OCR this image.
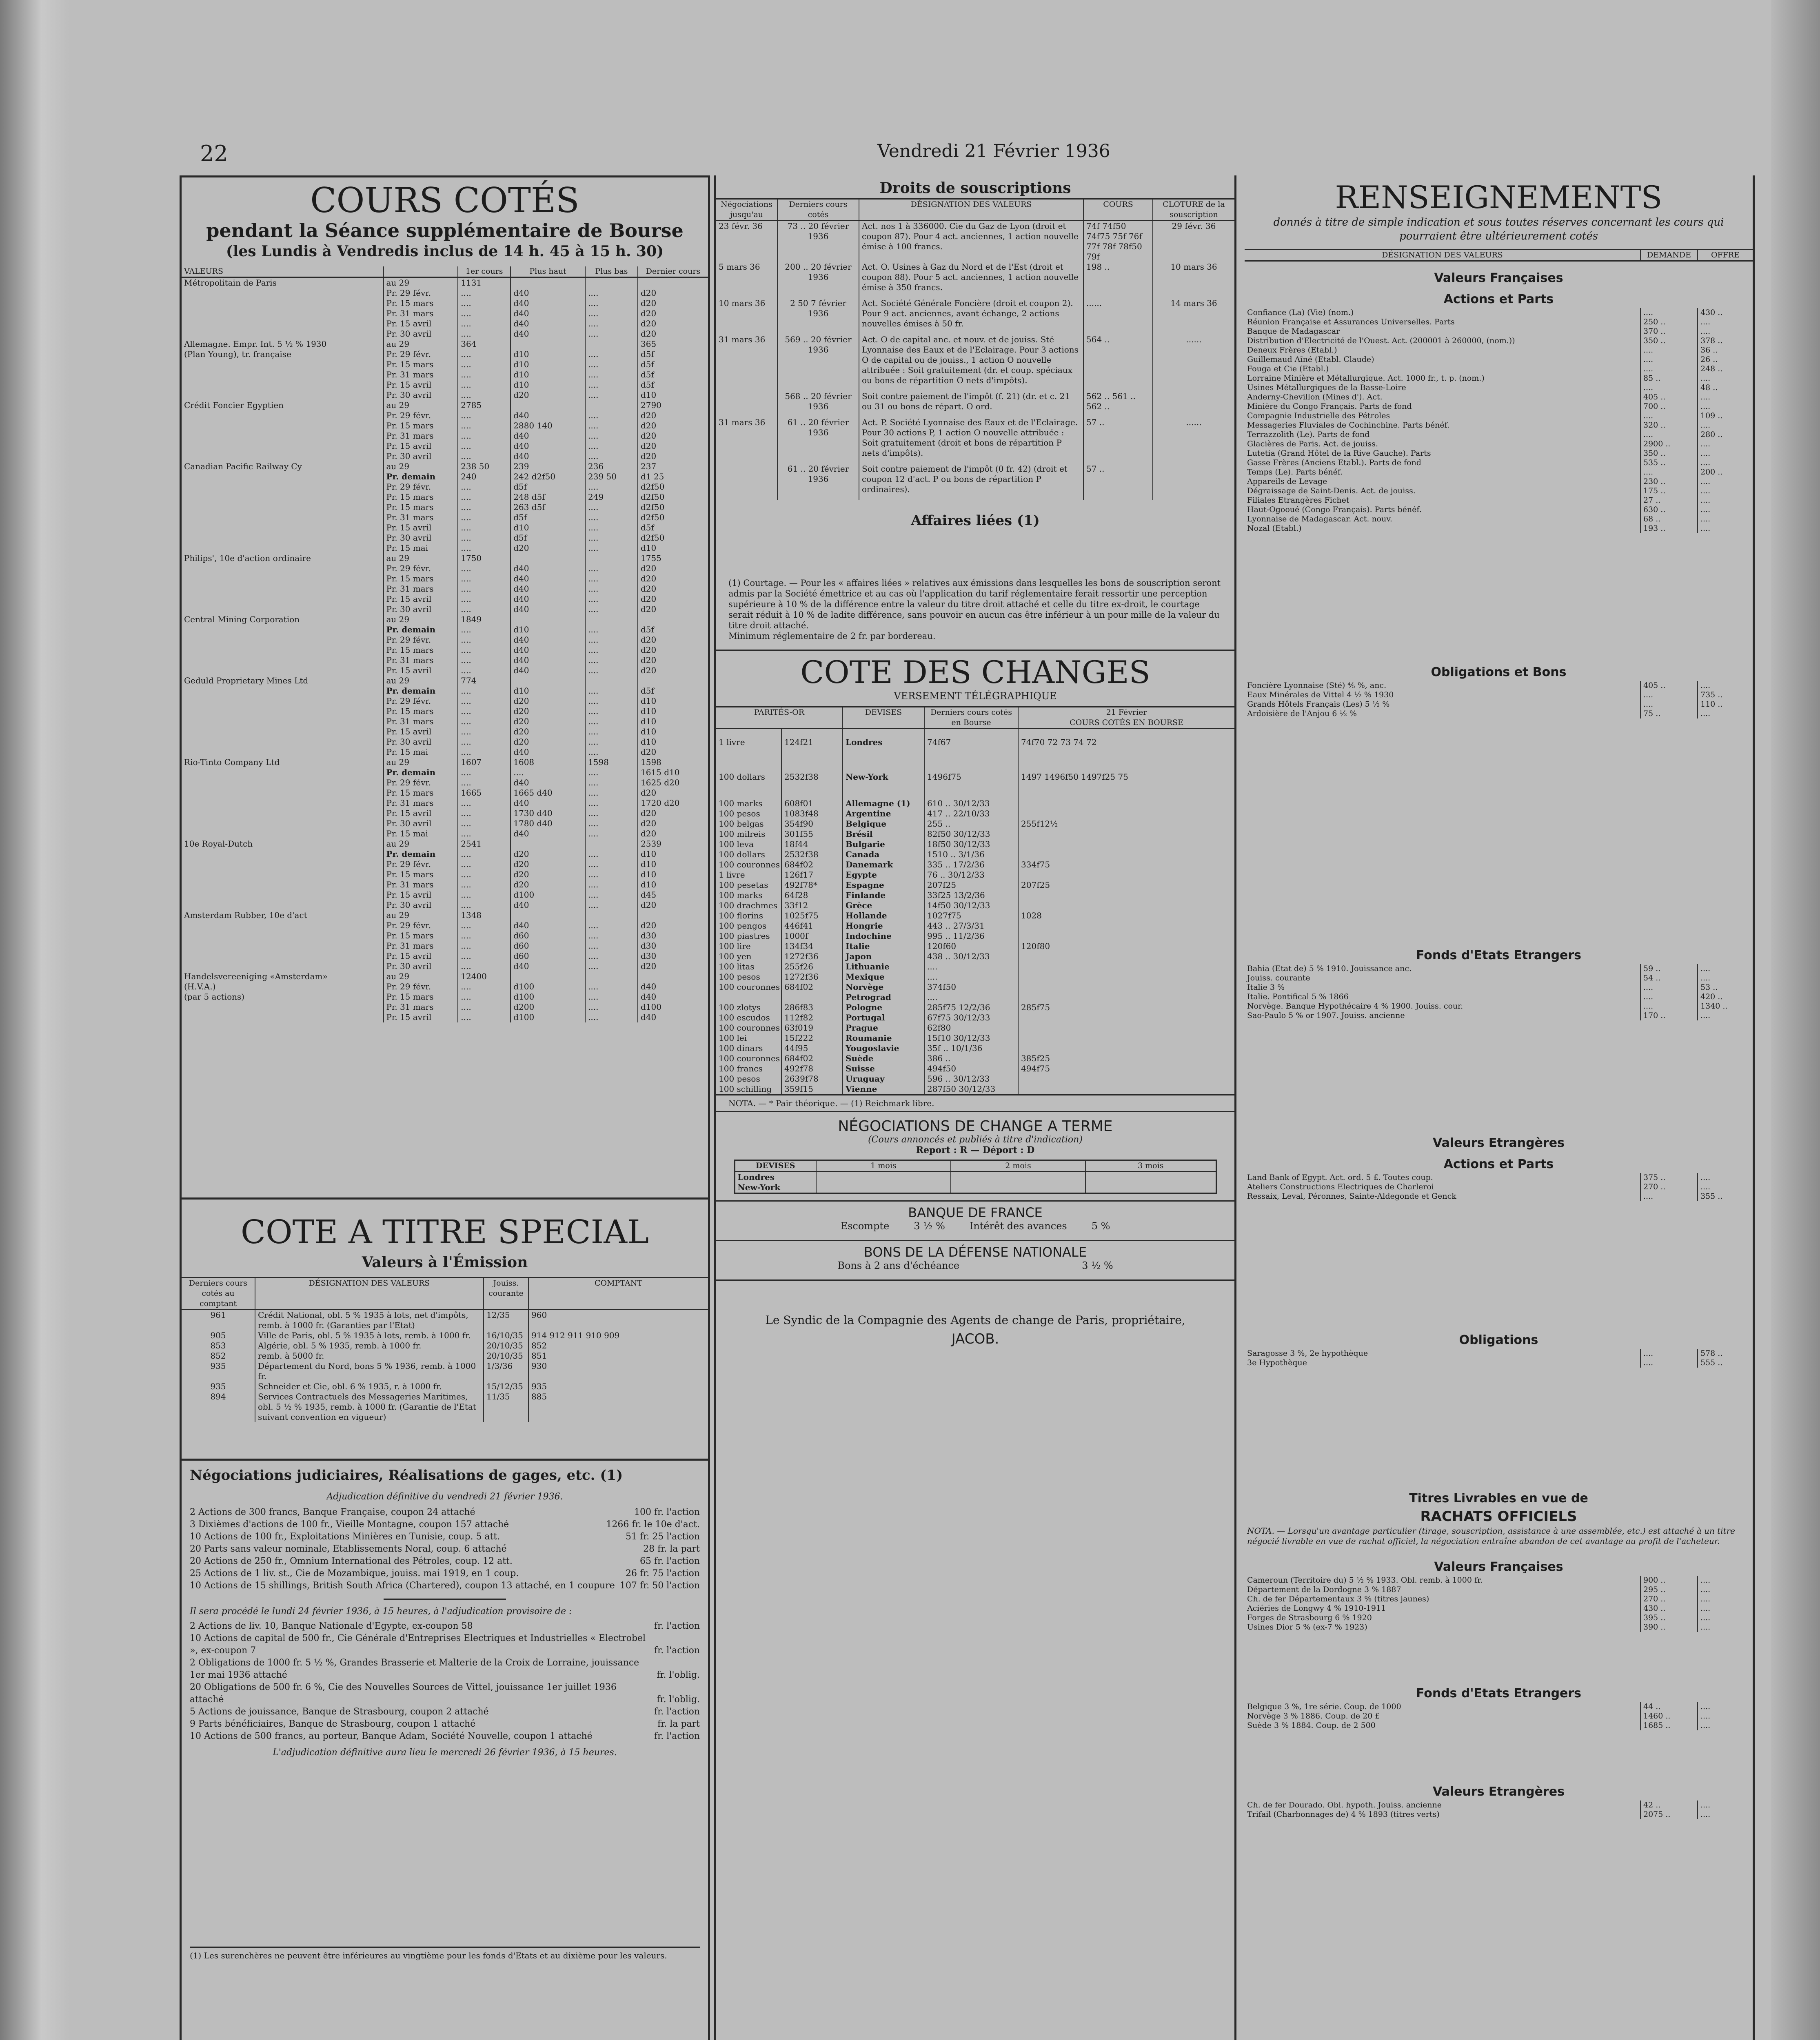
22	Vendredi 21 Février 1936
COURS COTÉS
pendant la Séance supplémentaire de Bourse
(les Lundis à Vendredis inclus de 14 h. 45 à 15 h. 30)
VALEURS		1er cours	Plus haut	Plus bas	Dernier cours
Métropolitain de Paris	au 29	1131			
	Pr. 29 févr.	....	d40	....	d20
	Pr. 15 mars	....	d40	....	d20
	Pr. 31 mars	....	d40	....	d20
	Pr. 15 avril	....	d40	....	d20
	Pr. 30 avril	....	d40	....	d20
Allemagne. Empr. Int. 5 ½ % 1930	au 29	364			365
(Plan Young), tr. française	Pr. 29 févr.	....	d10	....	d5f
	Pr. 15 mars	....	d10	....	d5f
	Pr. 31 mars	....	d10	....	d5f
	Pr. 15 avril	....	d10	....	d5f
	Pr. 30 avril	....	d20	....	d10
Crédit Foncier Egyptien	au 29	2785			2790
	Pr. 29 févr.	....	d40	....	d20
	Pr. 15 mars	....	2880 140	....	d20
	Pr. 31 mars	....	d40	....	d20
	Pr. 15 avril	....	d40	....	d20
	Pr. 30 avril	....	d40	....	d20
Canadian Pacific Railway Cy	au 29	238 50	239	236	237
	Pr. demain	240	242 d2f50	239 50	d1 25
	Pr. 29 févr.	....	d5f	....	d2f50
	Pr. 15 mars	....	248 d5f	249	d2f50
	Pr. 15 mars	....	263 d5f	....	d2f50
	Pr. 31 mars	....	d5f	....	d2f50
	Pr. 15 avril	....	d10	....	d5f
	Pr. 30 avril	....	d5f	....	d2f50
	Pr. 15 mai	....	d20	....	d10
Philips', 10e d'action ordinaire	au 29	1750			1755
	Pr. 29 févr.	....	d40	....	d20
	Pr. 15 mars	....	d40	....	d20
	Pr. 31 mars	....	d40	....	d20
	Pr. 15 avril	....	d40	....	d20
	Pr. 30 avril	....	d40	....	d20
Central Mining Corporation	au 29	1849			
	Pr. demain	....	d10	....	d5f
	Pr. 29 févr.	....	d40	....	d20
	Pr. 15 mars	....	d40	....	d20
	Pr. 31 mars	....	d40	....	d20
	Pr. 15 avril	....	d40	....	d20
Geduld Proprietary Mines Ltd	au 29	774			
	Pr. demain	....	d10	....	d5f
	Pr. 29 févr.	....	d20	....	d10
	Pr. 15 mars	....	d20	....	d10
	Pr. 31 mars	....	d20	....	d10
	Pr. 15 avril	....	d20	....	d10
	Pr. 30 avril	....	d20	....	d10
	Pr. 15 mai	....	d40	....	d20
Rio-Tinto Company Ltd	au 29	1607	1608	1598	1598
	Pr. demain	....	....	....	1615 d10
	Pr. 29 févr.	....	d40	....	1625 d20
	Pr. 15 mars	1665	1665 d40	....	d20
	Pr. 31 mars	....	d40	....	1720 d20
	Pr. 15 avril	....	1730 d40	....	d20
	Pr. 30 avril	....	1780 d40	....	d20
	Pr. 15 mai	....	d40	....	d20
10e Royal-Dutch	au 29	2541			2539
	Pr. demain	....	d20	....	d10
	Pr. 29 févr.	....	d20	....	d10
	Pr. 15 mars	....	d20	....	d10
	Pr. 31 mars	....	d20	....	d10
	Pr. 15 avril	....	d100	....	d45
	Pr. 30 avril	....	d40	....	d20
Amsterdam Rubber, 10e d'act	au 29	1348			
	Pr. 29 févr.	....	d40	....	d20
	Pr. 15 mars	....	d60	....	d30
	Pr. 31 mars	....	d60	....	d30
	Pr. 15 avril	....	d60	....	d30
	Pr. 30 avril	....	d40	....	d20
Handelsvereeniging «Amsterdam»	au 29	12400			
(H.V.A.)	Pr. 29 févr.	....	d100	....	d40
(par 5 actions)	Pr. 15 mars	....	d100	....	d40
	Pr. 31 mars	....	d200	....	d100
	Pr. 15 avril	....	d100	....	d40
COTE A TITRE SPECIAL
Valeurs à l'Émission
Derniers cours cotés au comptant	DÉSIGNATION DES VALEURS	Jouiss. courante	COMPTANT
961	Crédit National, obl. 5 % 1935 à lots, net d'impôts, remb. à 1000 fr. (Garanties par l'Etat)	12/35	960
905	Ville de Paris, obl. 5 % 1935 à lots, remb. à 1000 fr.	16/10/35	914 912 911 910 909
853	Algérie, obl. 5 % 1935, remb. à 1000 fr.	20/10/35	852
852	remb. à 5000 fr.	20/10/35	851
935	Département du Nord, bons 5 % 1936, remb. à 1000 fr.	1/3/36	930
935	Schneider et Cie, obl. 6 % 1935, r. à 1000 fr.	15/12/35	935
894	Services Contractuels des Messageries Maritimes, obl. 5 ½ % 1935, remb. à 1000 fr. (Garantie de l'Etat suivant convention en vigueur)	11/35	885
Négociations judiciaires, Réalisations de gages, etc. (1)
Adjudication définitive du vendredi 21 février 1936.
2 Actions de 300 francs, Banque Française, coupon 24 attaché	100 fr. l'action
3 Dixièmes d'actions de 100 fr., Vieille Montagne, coupon 157 attaché	1266 fr. le 10e d'act.
10 Actions de 100 fr., Exploitations Minières en Tunisie, coup. 5 att.	51 fr. 25 l'action
20 Parts sans valeur nominale, Etablissements Noral, coup. 6 attaché	28 fr. la part
20 Actions de 250 fr., Omnium International des Pétroles, coup. 12 att.	65 fr. l'action
25 Actions de 1 liv. st., Cie de Mozambique, jouiss. mai 1919, en 1 coup.	26 fr. 75 l'action
10 Actions de 15 shillings, British South Africa (Chartered), coupon 13 attaché, en 1 coupure 107 fr. 50 l'action
Il sera procédé le lundi 24 février 1936, à 15 heures, à l'adjudication provisoire de :
2 Actions de liv. 10, Banque Nationale d'Egypte, ex-coupon 58	fr. l'action
10 Actions de capital de 500 fr., Cie Générale d'Entreprises Electriques et Industrielles « Electrobel », ex-coupon 7	fr. l'action
2 Obligations de 1000 fr. 5 ½ %, Grandes Brasserie et Malterie de la Croix de Lorraine, jouissance 1er mai 1936 attaché	fr. l'oblig.
20 Obligations de 500 fr. 6 %, Cie des Nouvelles Sources de Vittel, jouissance 1er juillet 1936 attaché	fr. l'oblig.
5 Actions de jouissance, Banque de Strasbourg, coupon 2 attaché	fr. l'action
9 Parts bénéficiaires, Banque de Strasbourg, coupon 1 attaché	fr. la part
10 Actions de 500 francs, au porteur, Banque Adam, Société Nouvelle, coupon 1 attaché	fr. l'action
L'adjudication définitive aura lieu le mercredi 26 février 1936, à 15 heures.
(1) Les surenchères ne peuvent être inférieures au vingtième pour les fonds d'Etats et au dixième pour les valeurs.
Droits de souscriptions
Négociations jusqu'au	Derniers cours cotés	DÉSIGNATION DES VALEURS	COURS	CLOTURE de la souscription
23 févr. 36	73 .. 20 février 1936	Act. nos 1 à 336000. Cie du Gaz de Lyon (droit et coupon 87). Pour 4 act. anciennes, 1 action nouvelle émise à 100 francs.	74f 74f50 74f75 75f 76f 77f 78f 78f50 79f	29 févr. 36
5 mars 36	200 .. 20 février 1936	Act. O. Usines à Gaz du Nord et de l'Est (droit et coupon 88). Pour 5 act. anciennes, 1 action nouvelle émise à 350 francs.	198 ..	10 mars 36
10 mars 36	2 50 7 février 1936	Act. Société Générale Foncière (droit et coupon 2). Pour 9 act. anciennes, avant échange, 2 actions nouvelles émises à 50 fr.	......	14 mars 36
31 mars 36	569 .. 20 février 1936	Act. O de capital anc. et nouv. et de jouiss. Sté Lyonnaise des Eaux et de l'Eclairage. Pour 3 actions O de capital ou de jouiss., 1 action O nouvelle attribuée : Soit gratuitement (dr. et coup. spéciaux ou bons de répartition O nets d'impôts).	564 ..	......
	568 .. 20 février 1936	Soit contre paiement de l'impôt (f. 21) (dr. et c. 21 ou 31 ou bons de répart. O ord.	562 .. 561 .. 562 ..	
31 mars 36	61 .. 20 février 1936	Act. P. Société Lyonnaise des Eaux et de l'Eclairage. Pour 30 actions P, 1 action O nouvelle attribuée : Soit gratuitement (droit et bons de répartition P nets d'impôts).	57 ..	......
	61 .. 20 février 1936	Soit contre paiement de l'impôt (0 fr. 42) (droit et coupon 12 d'act. P ou bons de répartition P ordinaires).	57 ..	
Affaires liées (1)
(1) Courtage. — Pour les « affaires liées » relatives aux émissions dans lesquelles les bons de souscription seront admis par la Société émettrice et au cas où l'application du tarif réglementaire ferait ressortir une perception supérieure à 10 % de la différence entre la valeur du titre droit attaché et celle du titre ex-droit, le courtage serait réduit à 10 % de ladite différence, sans pouvoir en aucun cas être inférieur à un pour mille de la valeur du titre droit attaché.
Minimum réglementaire de 2 fr. par bordereau.
COTE DES CHANGES
VERSEMENT TÉLÉGRAPHIQUE
PARITÉS-OR		DEVISES	Derniers cours cotés en Bourse	21 Février
COURS COTÉS EN BOURSE
1 livre	124f21	Londres	74f67	74f70 72 73 74 72
100 dollars	2532f38	New-York	1496f75	1497 1496f50 1497f25 75
100 marks	608f01	Allemagne (1)	610 .. 30/12/33	
100 pesos	1083f48	Argentine	417 .. 22/10/33	
100 belgas	354f90	Belgique	255 ..	255f12½
100 milreis	301f55	Brésil	82f50 30/12/33	
100 leva	18f44	Bulgarie	18f50 30/12/33	
100 dollars	2532f38	Canada	1510 .. 3/1/36	
100 couronnes	684f02	Danemark	335 .. 17/2/36	334f75
1 livre	126f17	Egypte	76 .. 30/12/33	
100 pesetas	492f78*	Espagne	207f25	207f25
100 marks	64f28	Finlande	33f25 13/2/36	
100 drachmes	33f12	Grèce	14f50 30/12/33	
100 florins	1025f75	Hollande	1027f75	1028
100 pengos	446f41	Hongrie	443 .. 27/3/31	
100 piastres	1000f	Indochine	995 .. 11/2/36	
100 lire	134f34	Italie	120f60	120f80
100 yen	1272f36	Japon	438 .. 30/12/33	
100 litas	255f26	Lithuanie	....	
100 pesos	1272f36	Mexique	....	
100 couronnes	684f02	Norvège	374f50	
		Petrograd	....	
100 zlotys	286f83	Pologne	285f75 12/2/36	285f75
100 escudos	112f82	Portugal	67f75 30/12/33	
100 couronnes	63f019	Prague	62f80	
100 lei	15f222	Roumanie	15f10 30/12/33	
100 dinars	44f95	Yougoslavie	35f .. 10/1/36	
100 couronnes	684f02	Suède	386 ..	385f25
100 francs	492f78	Suisse	494f50	494f75
100 pesos	2639f78	Uruguay	596 .. 30/12/33	
100 schilling	359f15	Vienne	287f50 30/12/33	
NOTA. — * Pair théorique. — (1) Reichmark libre.
NÉGOCIATIONS DE CHANGE A TERME
(Cours annoncés et publiés à titre d'indication)
Report : R — Déport : D
DEVISES	1 mois	2 mois	3 mois
Londres			
New-York			
BANQUE DE FRANCE
Escompte	3 ½ %	Intérêt des avances	5 %
BONS DE LA DÉFENSE NATIONALE
Bons à 2 ans d'échéance	3 ½ %
Le Syndic de la Compagnie des Agents de change de Paris, propriétaire,
JACOB.
RENSEIGNEMENTS
donnés à titre de simple indication et sous toutes réserves concernant les cours qui pourraient être ultérieurement cotés
DÉSIGNATION DES VALEURS	DEMANDE	OFFRE
Valeurs Françaises		
Actions et Parts		
Confiance (La) (Vie) (nom.)	....	430 ..
Réunion Française et Assurances Universelles. Parts	250 ..	....
Banque de Madagascar	370 ..	....
Distribution d'Electricité de l'Ouest. Act. (200001 à 260000, (nom.))	350 ..	378 ..
Deneux Frères (Etabl.)	....	36 ..
Guillemaud Aîné (Etabl. Claude)	....	26 ..
Fouga et Cie (Etabl.)	....	248 ..
Lorraine Minière et Métallurgique. Act. 1000 fr., t. p. (nom.)	85 ..	....
Usines Métallurgiques de la Basse-Loire	....	48 ..
Anderny-Chevillon (Mines d'). Act.	405 ..	....
Minière du Congo Français. Parts de fond	700 ..	....
Compagnie Industrielle des Pétroles	....	109 ..
Messageries Fluviales de Cochinchine. Parts bénéf.	320 ..	....
Terrazzolith (Le). Parts de fond	....	280 ..
Glacières de Paris. Act. de jouiss.	2900 ..	....
Lutetia (Grand Hôtel de la Rive Gauche). Parts	350 ..	....
Gasse Frères (Anciens Etabl.). Parts de fond	535 ..	....
Temps (Le). Parts bénéf.	....	200 ..
Appareils de Levage	230 ..	....
Dégraissage de Saint-Denis. Act. de jouiss.	175 ..	....
Filiales Etrangères Fichet	27 ..	....
Haut-Ogooué (Congo Français). Parts bénéf.	630 ..	....
Lyonnaise de Madagascar. Act. nouv.	68 ..	....
Nozal (Etabl.)	193 ..	....
Obligations et Bons		
Foncière Lyonnaise (Sté) ⅘ %, anc.	405 ..	....
Eaux Minérales de Vittel 4 ½ % 1930	....	735 ..
Grands Hôtels Français (Les) 5 ½ %	....	110 ..
Ardoisière de l'Anjou 6 ½ %	75 ..	....
Fonds d'Etats Etrangers		
Bahia (Etat de) 5 % 1910. Jouissance anc.	59 ..	....
Jouiss. courante	54 ..	....
Italie 3 %	....	53 ..
Italie. Pontifical 5 % 1866	....	420 ..
Norvège. Banque Hypothécaire 4 % 1900. Jouiss. cour.	....	1340 ..
Sao-Paulo 5 % or 1907. Jouiss. ancienne	170 ..	....
Valeurs Etrangères		
Actions et Parts		
Land Bank of Egypt. Act. ord. 5 £. Toutes coup.	375 ..	....
Ateliers Constructions Electriques de Charleroi	270 ..	....
Ressaix, Leval, Péronnes, Sainte-Aldegonde et Genck	....	355 ..
Obligations		
Saragosse 3 %, 2e hypothèque	....	578 ..
3e Hypothèque	....	555 ..
Titres Livrables en vue de		
RACHATS OFFICIELS		
NOTA. — Lorsqu'un avantage particulier (tirage, souscription, assistance à une assemblée, etc.) est attaché à un titre négocié livrable en vue de rachat officiel, la négociation entraîne abandon de cet avantage au profit de l'acheteur.		
Valeurs Françaises		
Cameroun (Territoire du) 5 ½ % 1933. Obl. remb. à 1000 fr.	900 ..	....
Département de la Dordogne 3 % 1887	295 ..	....
Ch. de fer Départementaux 3 % (titres jaunes)	270 ..	....
Aciéries de Longwy 4 % 1910-1911	430 ..	....
Forges de Strasbourg 6 % 1920	395 ..	....
Usines Dior 5 % (ex-7 % 1923)	390 ..	....
Fonds d'Etats Etrangers		
Belgique 3 %, 1re série. Coup. de 1000	44 ..	....
Norvège 3 % 1886. Coup. de 20 £	1460 ..	....
Suède 3 % 1884. Coup. de 2 500	1685 ..	....
Valeurs Etrangères		
Ch. de fer Dourado. Obl. hypoth. Jouiss. ancienne	42 ..	....
Trifail (Charbonnages de) 4 % 1893 (titres verts)	2075 ..	....
